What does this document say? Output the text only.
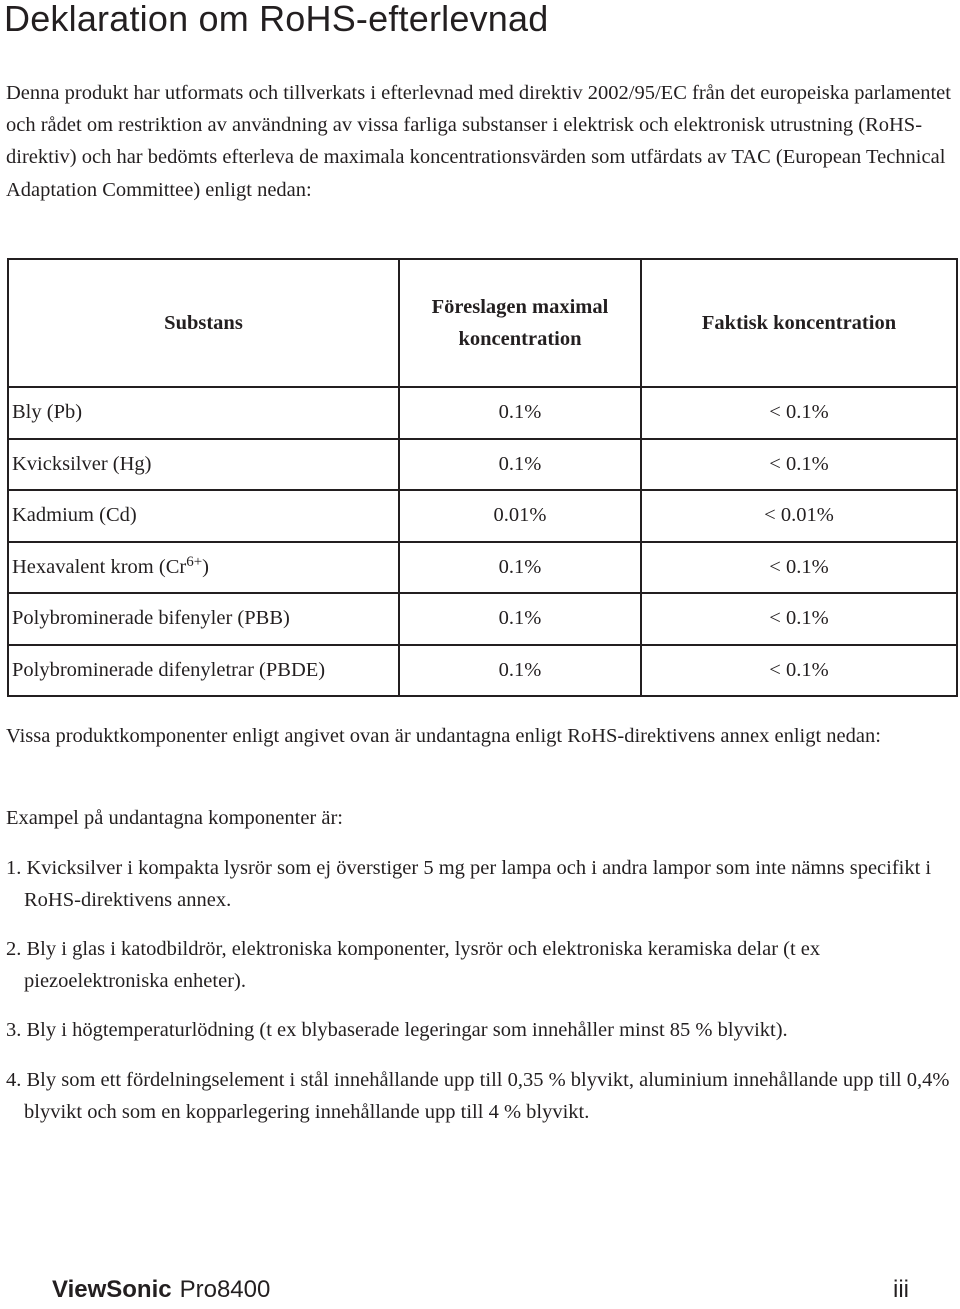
Deklaration om RoHS-efterlevnad

Denna produkt har utformats och tillverkats i efterlevnad med direktiv 2002/95/EC från det europeiska parlamentet och rådet om restriktion av användning av vissa farliga substanser i elektrisk och elektronisk utrustning (RoHS-direktiv) och har bedömts efterleva de maximala koncentrationsvärden som utfärdats av TAC (European Technical Adaptation Committee) enligt nedan:

Substans	Föreslagen maximal koncentration	Faktisk koncentration
Bly (Pb)	0.1%	< 0.1%
Kvicksilver (Hg)	0.1%	< 0.1%
Kadmium (Cd)	0.01%	< 0.01%
Hexavalent krom $(Cr^{6+})$	0.1%	< 0.1%
Polybrominerade bifenyler (PBB)	0.1%	< 0.1%
Polybrominerade difenyletrar (PBDE)	0.1%	< 0.1%

Vissa produktkomponenter enligt angivet ovan är undantagna enligt RoHS-direktivens annex enligt nedan:

Exampel på undantagna komponenter är:

1. Kvicksilver i kompakta lysrör som ej överstiger 5 mg per lampa och i andra lampor som inte nämns specifikt i RoHS-direktivens annex.

2. Bly i glas i katodbildrör, elektroniska komponenter, lysrör och elektroniska keramiska delar (t ex piezoelektroniska enheter).

3. Bly i högtemperaturlödning (t ex blybaserade legeringar som innehåller minst 85 % blyvikt).

4. Bly som ett fördelningselement i stål innehållande upp till 0,35 % blyvikt, aluminium innehållande upp till 0,4% blyvikt och som en kopparlegering innehållande upp till 4 % blyvikt.

ViewSonic Pro8400	iii
